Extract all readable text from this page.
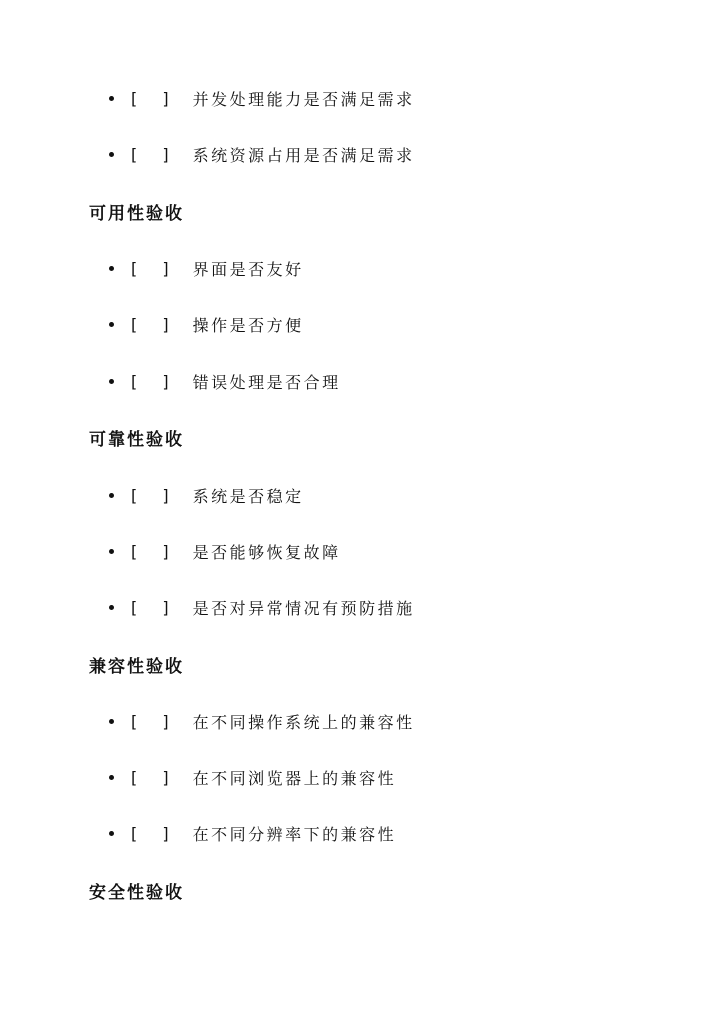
[ ] 并发处理能力是否满足需求
[ ] 系统资源占用是否满足需求
可用性验收
[ ] 界面是否友好
[ ] 操作是否方便
[ ] 错误处理是否合理
可靠性验收
[ ] 系统是否稳定
[ ] 是否能够恢复故障
[ ] 是否对异常情况有预防措施
兼容性验收
[ ] 在不同操作系统上的兼容性
[ ] 在不同浏览器上的兼容性
[ ] 在不同分辨率下的兼容性
安全性验收
